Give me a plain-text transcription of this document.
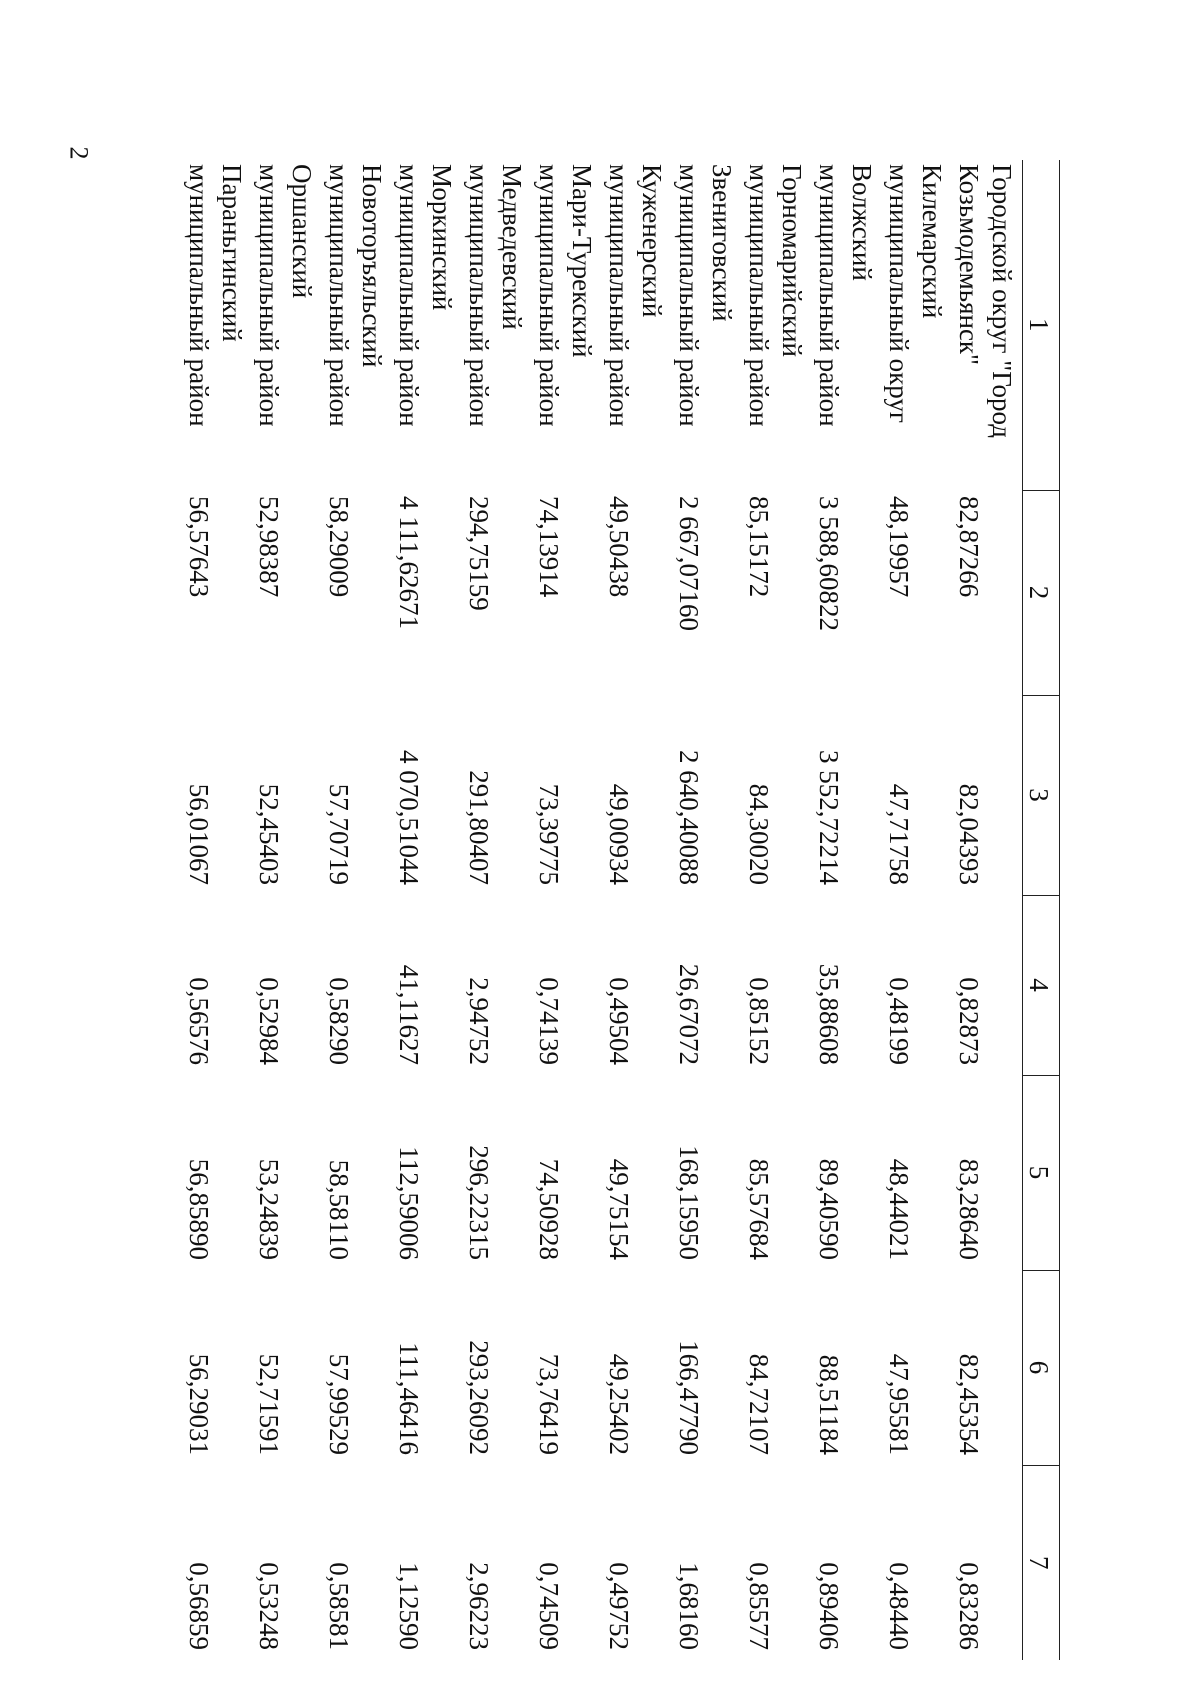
2
1	2	3	4	5	6	7

Городской округ "Город
Козьмодемьянск"	82,87266	82,04393	0,82873	83,28640	82,45354	0,83286

Килемарский
муниципальный округ	48,19957	47,71758	0,48199	48,44021	47,95581	0,48440

Волжский
муниципальный район	3 588,60822	3 552,72214	35,88608	89,40590	88,51184	0,89406

Горномарийский
муниципальный район	85,15172	84,30020	0,85152	85,57684	84,72107	0,85577

Звениговский
муниципальный район	2 667,07160	2 640,40088	26,67072	168,15950	166,47790	1,68160

Куженерский
муниципальный район	49,50438	49,00934	0,49504	49,75154	49,25402	0,49752

Мари-Турекский
муниципальный район	74,13914	73,39775	0,74139	74,50928	73,76419	0,74509

Медведевский
муниципальный район	294,75159	291,80407	2,94752	296,22315	293,26092	2,96223

Моркинский
муниципальный район	4 111,62671	4 070,51044	41,11627	112,59006	111,46416	1,12590

Новоторъяльский
муниципальный район	58,29009	57,70719	0,58290	58,58110	57,99529	0,58581

Оршанский
муниципальный район	52,98387	52,45403	0,52984	53,24839	52,71591	0,53248

Параньгинский
муниципальный район	56,57643	56,01067	0,56576	56,85890	56,29031	0,56859
